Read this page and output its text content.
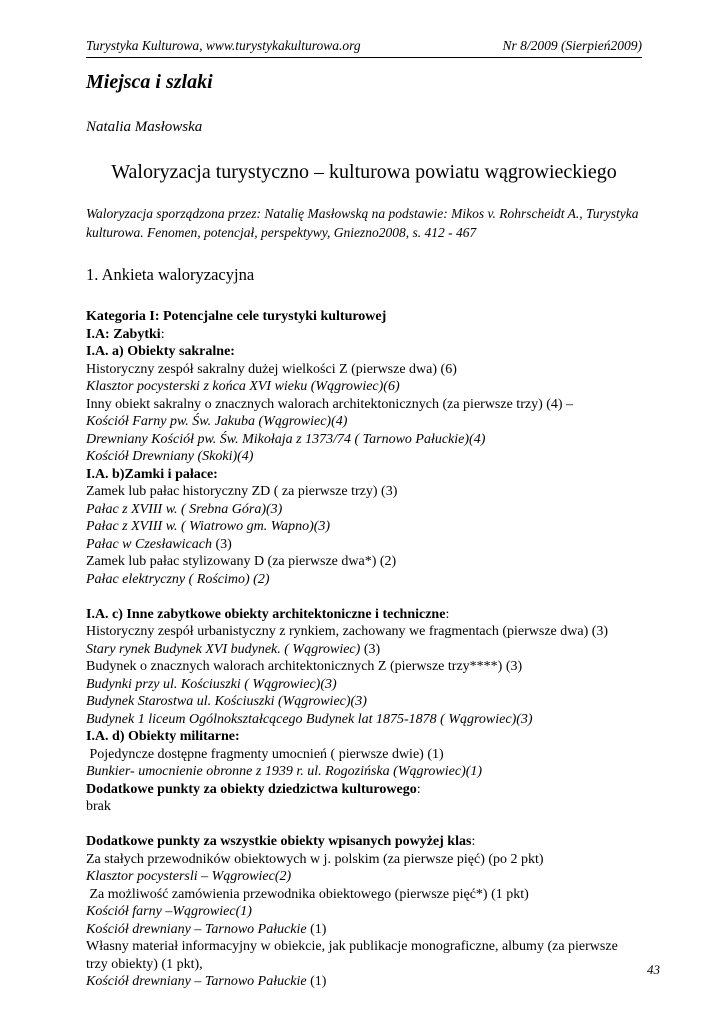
Turystyka Kulturowa, www.turystykakulturowa.org	Nr 8/2009 (Sierpień2009)
Miejsca i szlaki
Natalia Masłowska
Waloryzacja turystyczno – kulturowa powiatu wągrowieckiego
Waloryzacja sporządzona przez: Natalię Masłowską na podstawie: Mikos v. Rohrscheidt A., Turystyka kulturowa. Fenomen, potencjał, perspektywy, Gniezno2008, s. 412 - 467
1. Ankieta waloryzacyjna

Kategoria I: Potencjalne cele turystyki kulturowej

I.A: Zabytki:

I.A. a) Obiekty sakralne:

Historyczny zespół sakralny dużej wielkości Z (pierwsze dwa) (6)

Klasztor pocysterski z końca XVI wieku (Wągrowiec)(6)

Inny obiekt sakralny o znacznych walorach architektonicznych (za pierwsze trzy) (4) –

Kościół Farny pw. Św. Jakuba (Wągrowiec)(4)

Drewniany Kościół pw. Św. Mikołaja z 1373/74 ( Tarnowo Pałuckie)(4)

Kościół Drewniany (Skoki)(4)

I.A. b)Zamki i pałace:

Zamek lub pałac historyczny ZD ( za pierwsze trzy) (3)

Pałac z XVIII w. ( Srebna Góra)(3)

Pałac z XVIII w. ( Wiatrowo gm. Wapno)(3)

Pałac w Czesławicach (3)

Zamek lub pałac stylizowany D (za pierwsze dwa*) (2)

Pałac elektryczny ( Rościmo) (2)

I.A. c) Inne zabytkowe obiekty architektoniczne i techniczne:

Historyczny zespół urbanistyczny z rynkiem, zachowany we fragmentach (pierwsze dwa) (3)

Stary rynek Budynek XVI budynek. ( Wągrowiec) (3)

Budynek o znacznych walorach architektonicznych Z (pierwsze trzy****) (3)

Budynki przy ul. Kościuszki ( Wągrowiec)(3)

Budynek Starostwa ul. Kościuszki (Wągrowiec)(3)

Budynek 1 liceum Ogólnokształcącego Budynek lat 1875-1878 ( Wągrowiec)(3)

I.A. d) Obiekty militarne:

Pojedyncze dostępne fragmenty umocnień ( pierwsze dwie) (1)

Bunkier- umocnienie obronne z 1939 r. ul. Rogozińska (Wągrowiec)(1)

Dodatkowe punkty za obiekty dziedzictwa kulturowego:

brak

Dodatkowe punkty za wszystkie obiekty wpisanych powyżej klas:

Za stałych przewodników obiektowych w j. polskim (za pierwsze pięć) (po 2 pkt)

Klasztor pocystersli – Wągrowiec(2)

Za możliwość zamówienia przewodnika obiektowego (pierwsze pięć*) (1 pkt)

Kościół farny –Wągrowiec(1)

Kościół drewniany – Tarnowo Pałuckie (1)

Własny materiał informacyjny w obiekcie, jak publikacje monograficzne, albumy (za pierwsze trzy obiekty) (1 pkt),

Kościół drewniany – Tarnowo Pałuckie (1)

43
